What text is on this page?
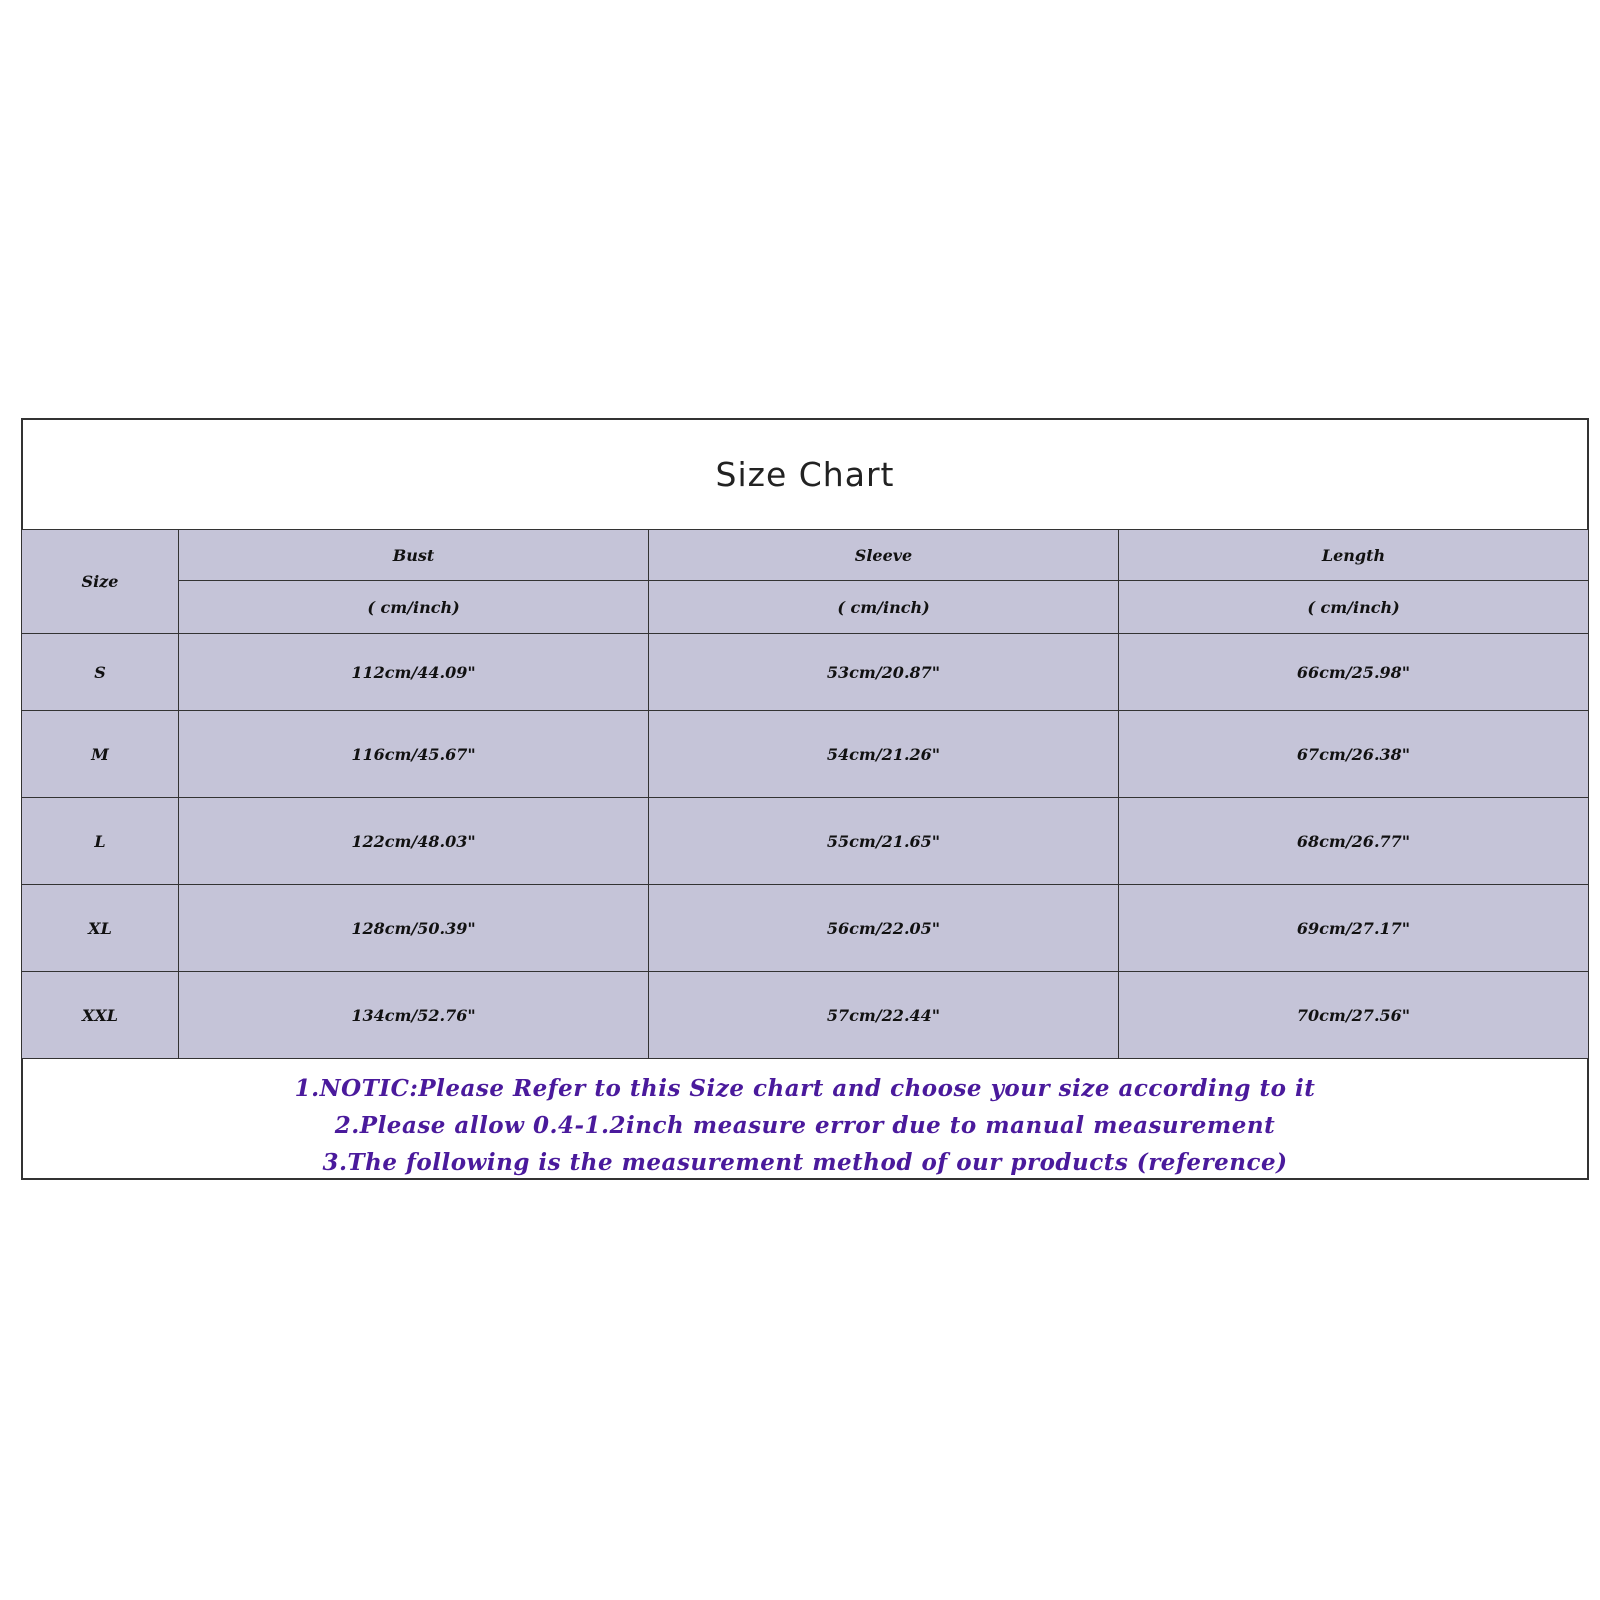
Size Chart
Size	Bust	Sleeve	Length
	( cm/inch)	( cm/inch)	( cm/inch)
S	112cm/44.09"	53cm/20.87"	66cm/25.98"
M	116cm/45.67"	54cm/21.26"	67cm/26.38"
L	122cm/48.03"	55cm/21.65"	68cm/26.77"
XL	128cm/50.39"	56cm/22.05"	69cm/27.17"
XXL	134cm/52.76"	57cm/22.44"	70cm/27.56"
1.NOTIC:Please Refer to this Size chart and choose your size according to it
2.Please allow 0.4-1.2inch measure error due to manual measurement
3.The following is the measurement method of our products (reference)
